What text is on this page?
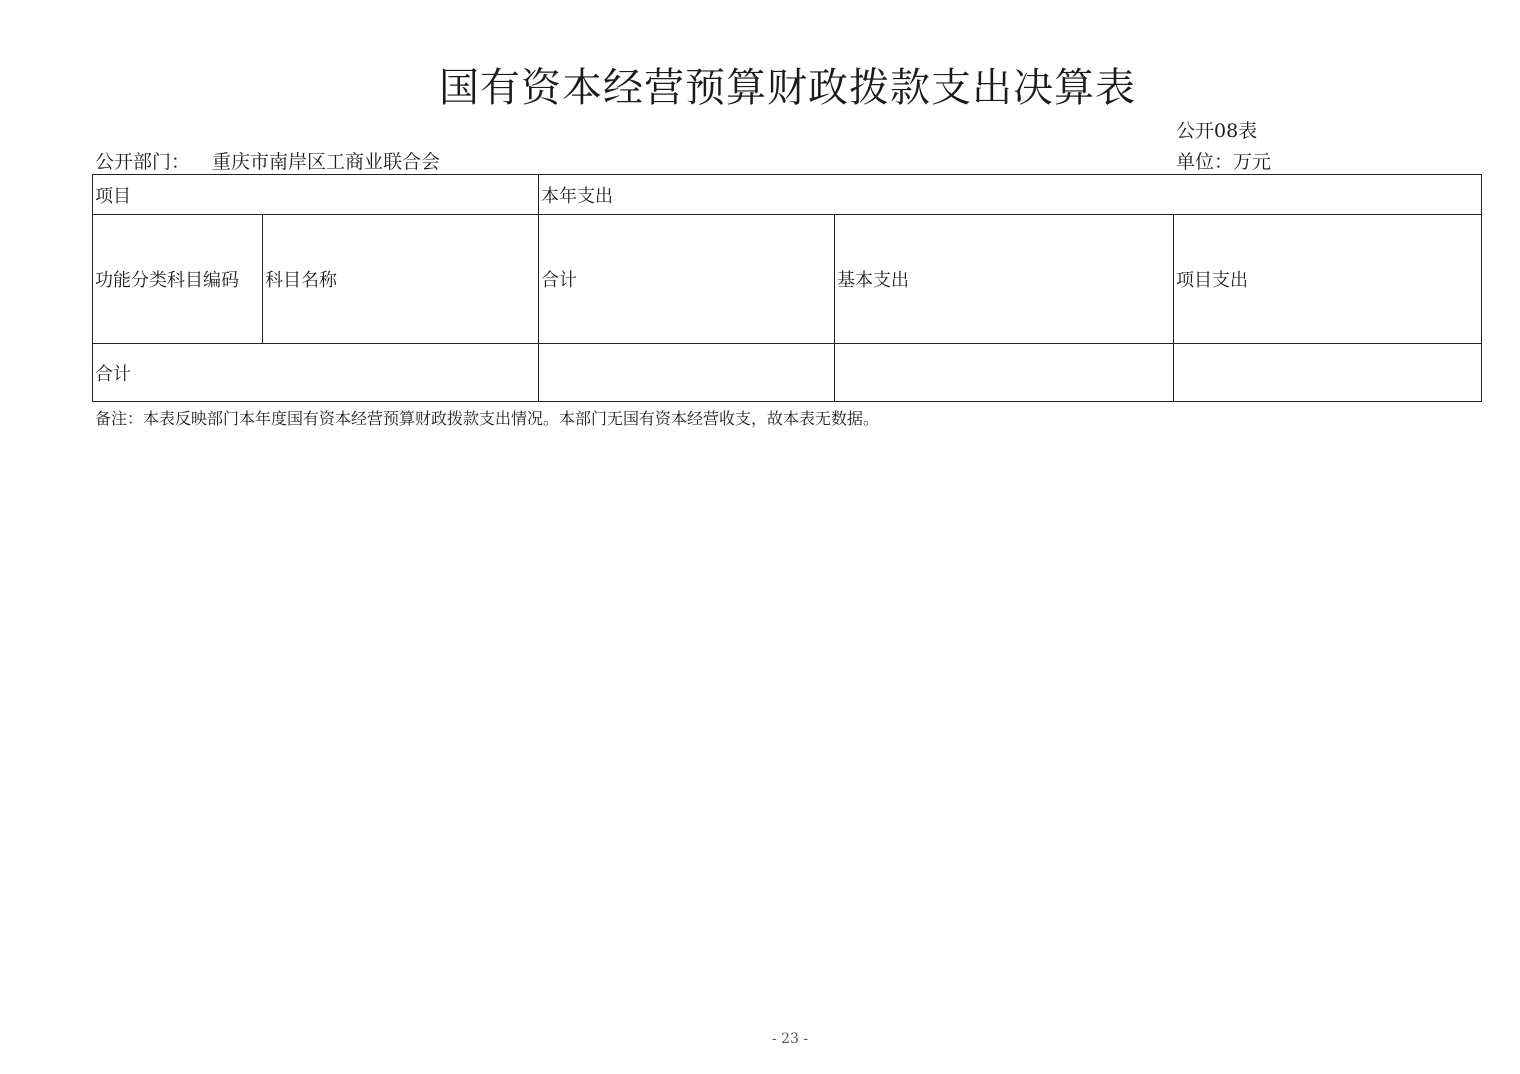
国有资本经营预算财政拨款支出决算表
公开08表
公开部门： 重庆市南岸区工商业联合会	单位：万元
项目		本年支出		
功能分类科目编码	科目名称	合计	基本支出	项目支出
合计				
备注：本表反映部门本年度国有资本经营预算财政拨款支出情况。本部门无国有资本经营收支，故本表无数据。
- 23 -
